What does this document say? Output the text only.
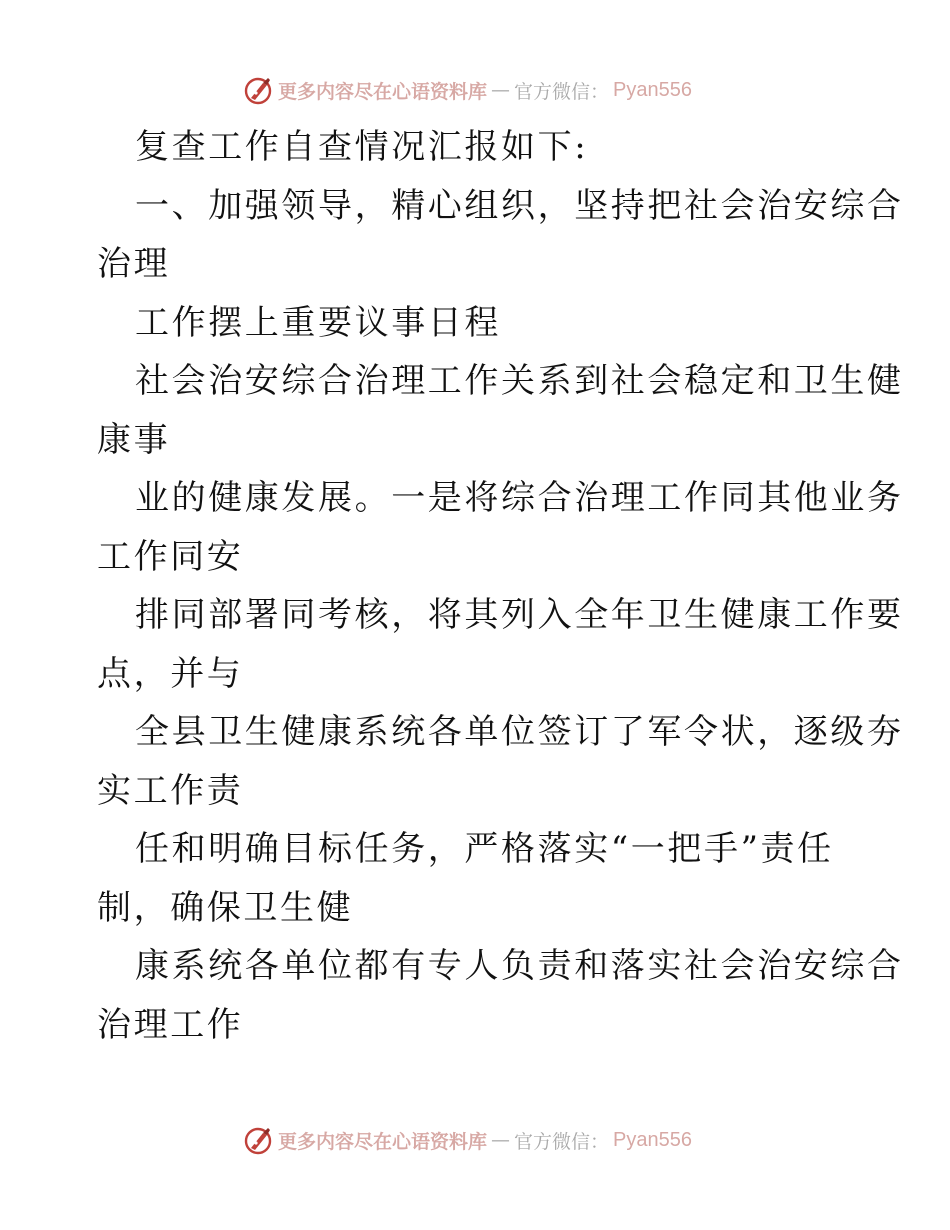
更多内容尽在心语资料库 — 官方微信： Pyan556
复查工作自查情况汇报如下:
一、加强领导，精心组织，坚持把社会治安综合
治理
工作摆上重要议事日程
社会治安综合治理工作关系到社会稳定和卫生健
康事
业的健康发展。一是将综合治理工作同其他业务
工作同安
排同部署同考核，将其列入全年卫生健康工作要
点，并与
全县卫生健康系统各单位签订了军令状，逐级夯
实工作责
任和明确目标任务，严格落实“一把手”责任
制，确保卫生健
康系统各单位都有专人负责和落实社会治安综合
治理工作
更多内容尽在心语资料库 — 官方微信： Pyan556
